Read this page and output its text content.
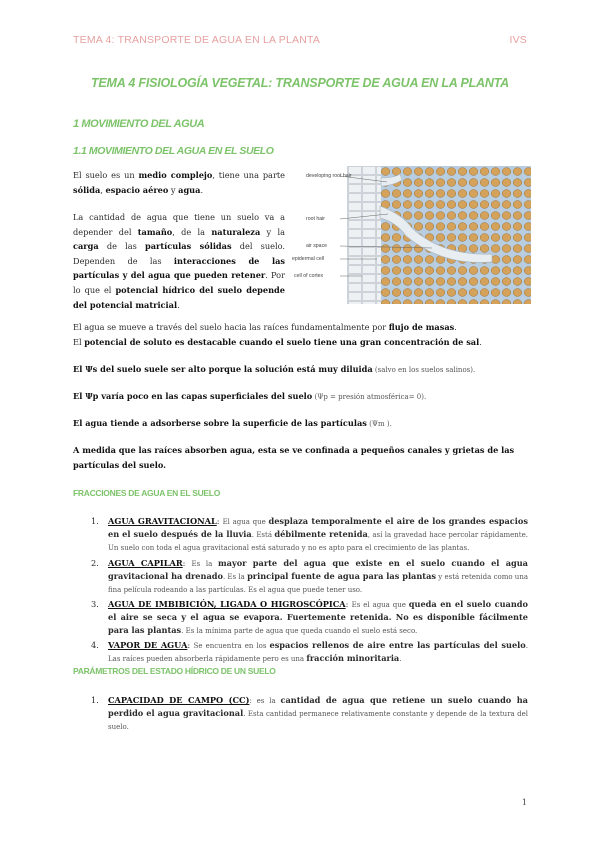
TEMA 4: TRANSPORTE DE AGUA EN LA PLANTA	IVS
TEMA 4 FISIOLOGÍA VEGETAL: TRANSPORTE DE AGUA EN LA PLANTA
1 MOVIMIENTO DEL AGUA
1.1 MOVIMIENTO DEL AGUA EN EL SUELO
El suelo es un medio complejo, tiene una parte sólida, espacio aéreo y agua.
La cantidad de agua que tiene un suelo va a depender del tamaño, de la naturaleza y la carga de las partículas sólidas del suelo. Dependen de las interacciones de las partículas y del agua que pueden retener. Por lo que el potencial hídrico del suelo depende del potencial matricial.
developing root hair
root hair
air space
epidermal cell
cell of cortex
El agua se mueve a través del suelo hacia las raíces fundamentalmente por flujo de masas.
El potencial de soluto es destacable cuando el suelo tiene una gran concentración de sal.
El Ψs del suelo suele ser alto porque la solución está muy diluida (salvo en los suelos salinos).
El Ψp varía poco en las capas superficiales del suelo (Ψp = presión atmosférica= 0).
El agua tiende a adsorberse sobre la superficie de las partículas (Ψm ).
A medida que las raíces absorben agua, esta se ve confinada a pequeños canales y grietas de las partículas del suelo.
FRACCIONES DE AGUA EN EL SUELO
1. AGUA GRAVITACIONAL: El agua que desplaza temporalmente el aire de los grandes espacios en el suelo después de la lluvia. Está débilmente retenida, así la gravedad hace percolar rápidamente. Un suelo con toda el agua gravitacional está saturado y no es apto para el crecimiento de las plantas.
2. AGUA CAPILAR: Es la mayor parte del agua que existe en el suelo cuando el agua gravitacional ha drenado. Es la principal fuente de agua para las plantas y está retenida como una fina película rodeando a las partículas. Es el agua que puede tener uso.
3. AGUA DE IMBIBICIÓN, LIGADA O HIGROSCÓPICA: Es el agua que queda en el suelo cuando el aire se seca y el agua se evapora. Fuertemente retenida. No es disponible fácilmente para las plantas. Es la mínima parte de agua que queda cuando el suelo está seco.
4. VAPOR DE AGUA: Se encuentra en los espacios rellenos de aire entre las partículas del suelo. Las raíces pueden absorberla rápidamente pero es una fracción minoritaria.
PARÁMETROS DEL ESTADO HÍDRICO DE UN SUELO
1. CAPACIDAD DE CAMPO (CC): es la cantidad de agua que retiene un suelo cuando ha perdido el agua gravitacional. Esta cantidad permanece relativamente constante y depende de la textura del suelo.
1
